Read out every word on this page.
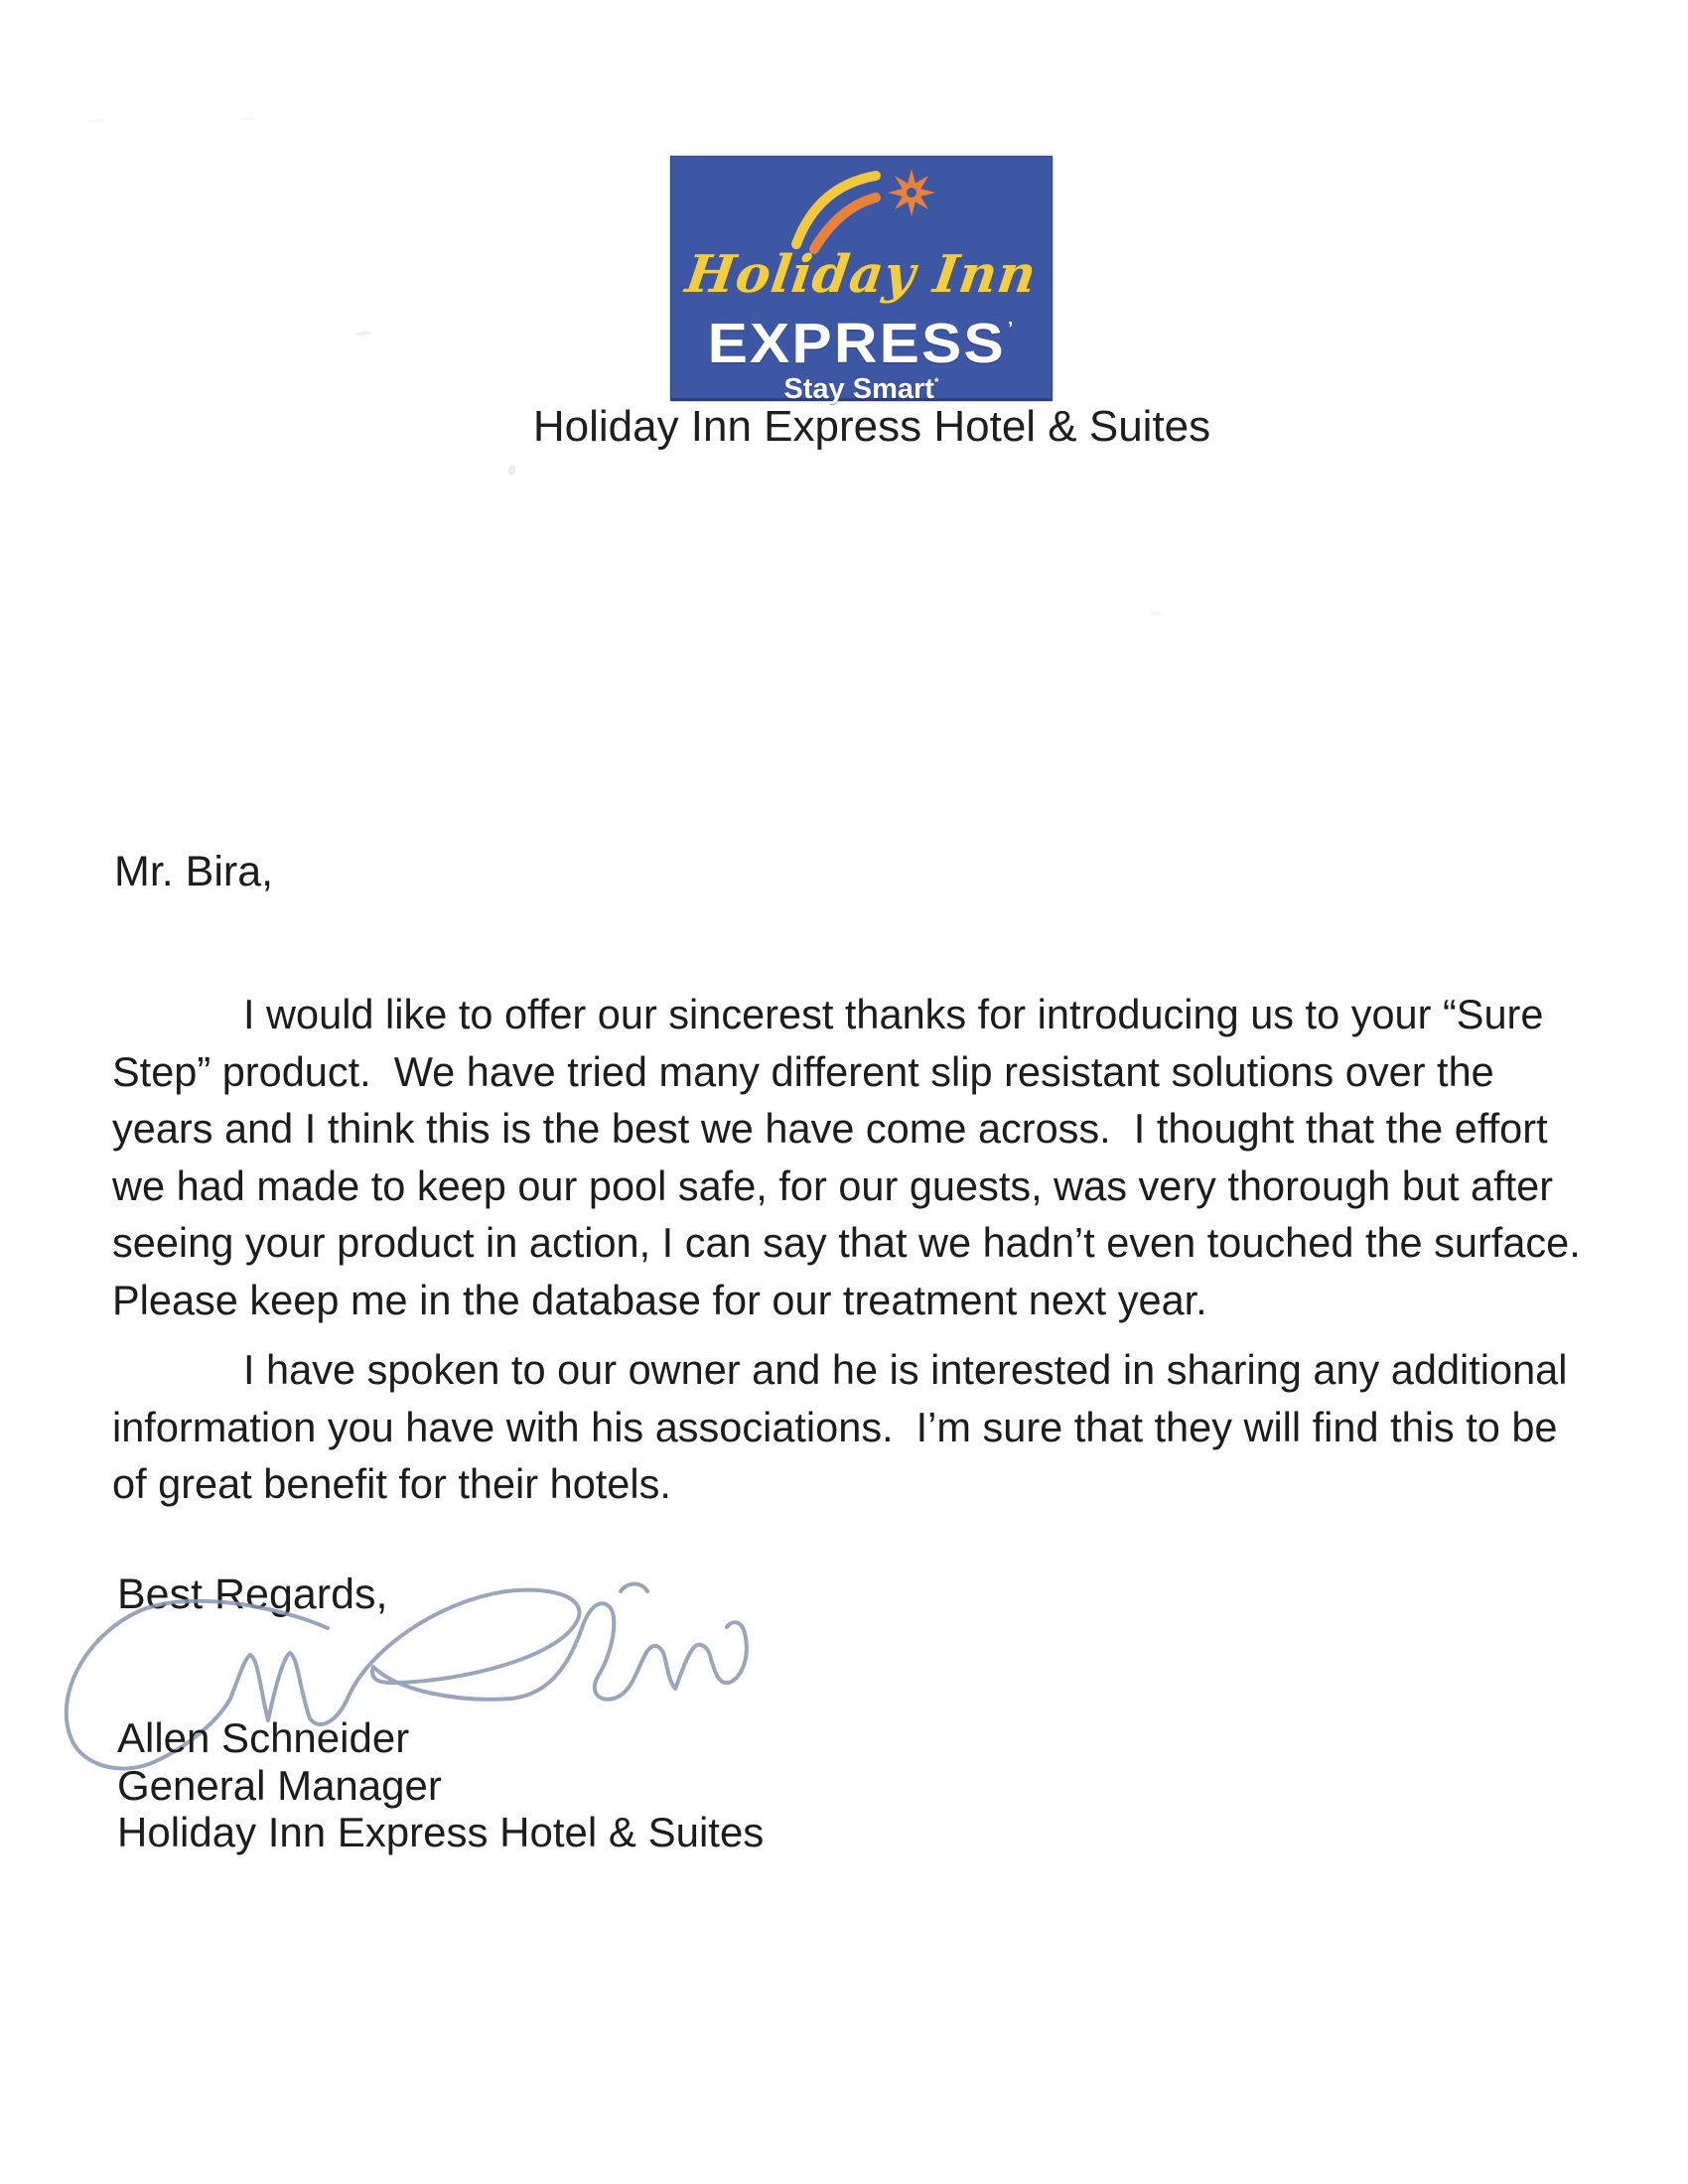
Holiday Inn
EXPRESS ’
Stay Smart*
Holiday Inn Express Hotel & Suites
Mr. Bira,
I would like to offer our sincerest thanks for introducing us to your “Sure
Step” product.  We have tried many different slip resistant solutions over the
years and I think this is the best we have come across.  I thought that the effort
we had made to keep our pool safe, for our guests, was very thorough but after
seeing your product in action, I can say that we hadn’t even touched the surface.
Please keep me in the database for our treatment next year.
I have spoken to our owner and he is interested in sharing any additional
information you have with his associations.  I’m sure that they will find this to be
of great benefit for their hotels.
Best Regards,
Allen Schneider
General Manager
Holiday Inn Express Hotel & Suites
